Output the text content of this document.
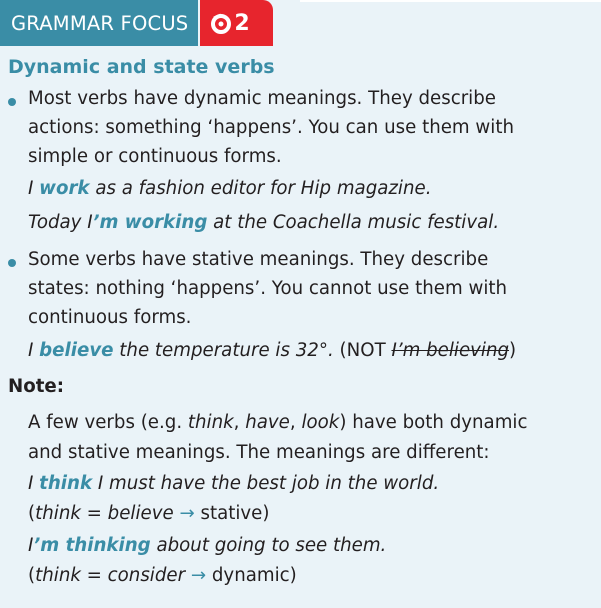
GRAMMAR FOCUS	2
Dynamic and state verbs
Most verbs have dynamic meanings. They describe
actions: something ‘happens’. You can use them with
simple or continuous forms.
I work as a fashion editor for Hip magazine.
Today I’m working at the Coachella music festival.
Some verbs have stative meanings. They describe
states: nothing ‘happens’. You cannot use them with
continuous forms.
I believe the temperature is 32°. (NOT I’m believing)
Note:
A few verbs (e.g. think, have, look) have both dynamic
and stative meanings. The meanings are different:
I think I must have the best job in the world.
(think = believe → stative)
I’m thinking about going to see them.
(think = consider → dynamic)
